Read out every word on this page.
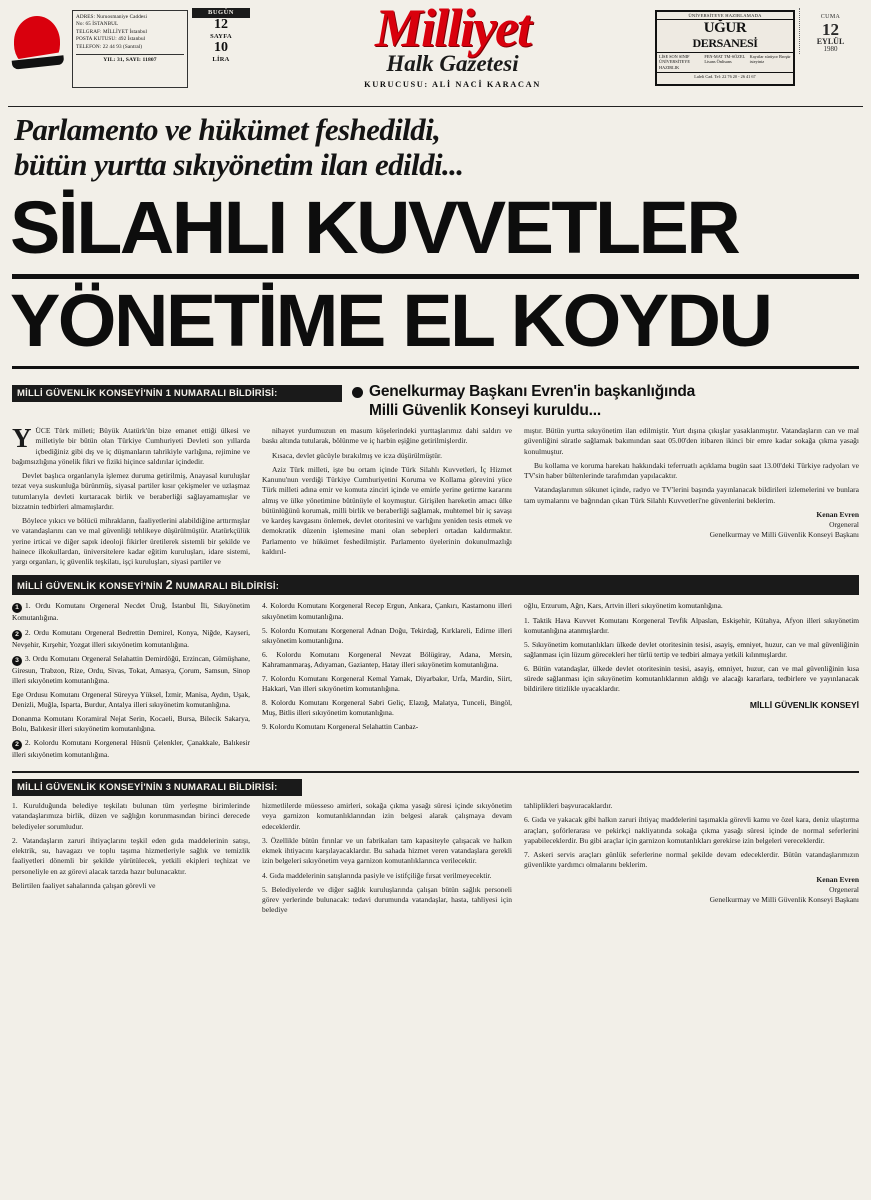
ADRES: Nuruosmaniye Caddesi
No: 65 İSTANBUL
TELGRAF: MİLLİYET İstanbul
POSTA KUTUSU: 492 İstanbul
TELEFON: 22 44 93 (Santral)
YIL: 31, SAYI: 11807
BUGÜN
12
SAYFA
10
LİRA
Milliyet
Halk Gazetesi
KURUCUSU: ALİ NACİ KARACAN
ÜNİVERSİTEYE HAZIRLAMADA
UĞUR
DERSANESİ
LİSE SON SINIF ÜNİVERSİTEYE HAZIRLIK
FEN-MAT TM-SÖZEL Lisans Önlisans
Kayıtlar sürüyor Broşür isteyiniz
Laleli Cad. Tel: 22 76 20 - 26 41 67
CUMA
12
EYLÜL
1980
Parlamento ve hükümet feshedildi,
bütün yurtta sıkıyönetim ilan edildi...
SİLAHLI KUVVETLER
YÖNETİME EL KOYDU
MİLLİ GÜVENLİK KONSEYİ'NİN 1 NUMARALI BİLDİRİSİ:	Genelkurmay Başkanı Evren'in başkanlığında
Milli Güvenlik Konseyi kuruldu...

Y ÜCE Türk milleti; Büyük Atatürk'ün bize emanet ettiği ülkesi ve milletiyle bir bütün olan Türkiye Cumhuriyeti Devleti son yıllarda içbediğiniz gibi dış ve iç düşmanların tahrikiyle varlığına, rejimine ve bağımsızlığına yönelik fikri ve fiziki hiçince saldırılar içindedir.

Devlet başlıca organlarıyla işlemez duruma getirilmiş, Anayasal kuruluşlar tezat veya suskunluğa bürünmüş, siyasal partiler kısır çekişmeler ve uzlaşmaz tutumlarıyla devleti kurtaracak birlik ve beraberliği sağlayamamışlar ve bizzatnin tedbirleri almamışlardır.

Böylece yıkıcı ve bölücü mihrakların, faaliyetlerini alabildiğine arttırmışlar ve vatandaşlarını can ve mal güvenliği tehlikeye düşürülmüştür. Atatürkçülük yerine irticai ve diğer sapık ideoloji fikirler üretilerek sistemli bir şekilde ve hainece ilkokullardan, üniversitelere kadar eğitim kuruluşları, idare sistemi, yargı organları, iç güvenlik teşkilatı, işçi kuruluşları, siyasi partiler ve

nihayet yurdumuzun en masum köşelerindeki yurttaşlarımız dahi saldırı ve baskı altında tutularak, bölünme ve iç harbin eşiğine getirilmişlerdir.

Kısaca, devlet gücüyle bırakılmış ve icza düşürülmüştür.

Aziz Türk milleti, işte bu ortam içinde Türk Silahlı Kuvvetleri, İç Hizmet Kanunu'nun verdiği Türkiye Cumhuriyetini Koruma ve Kollama görevini yüce Türk milleti adına emir ve komuta zinciri içinde ve emirle yerine getirme kararını almış ve ülke yönetimine bütünüyle el koymuştur. Girişilen hareketin amacı ülke bütünlüğünü korumak, milli birlik ve beraberliği sağlamak, muhtemel bir iç savaşı ve kardeş kavgasını önlemek, devlet otoritesini ve varlığını yeniden tesis etmek ve demokratik düzenin işlemesine mani olan sebepleri ortadan kaldırmaktır. Parlamento ve hükümet feshedilmiştir. Parlamento üyelerinin dokunulmazlığı kaldırıl-

mıştır. Bütün yurtta sıkıyönetim ilan edilmiştir. Yurt dışına çıkışlar yasaklanmıştır. Vatandaşların can ve mal güvenliğini süratle sağlamak bakımından saat 05.00'den itibaren ikinci bir emre kadar sokağa çıkma yasağı konulmuştur.

Bu kollama ve koruma harekatı hakkındaki teferruatlı açıklama bugün saat 13.00'deki Türkiye radyoları ve TV'sin haber bültenlerinde tarafımdan yapılacaktır.

Vatandaşlarımın sükunet içinde, radyo ve TV'lerini başında yayınlanacak bildirileri izlemelerini ve bunlara tam uymalarını ve bağrından çıkan Türk Silahlı Kuvvetleri'ne güvenlerini beklerim.

Kenan Evren
Orgeneral
Genelkurmay ve Milli Güvenlik Konseyi Başkanı
MİLLİ GÜVENLİK KONSEYİ'NİN 2 NUMARALI BİLDİRİSİ:
1 1. Ordu Komutanı Orgeneral Necdet Üruğ, İstanbul İli, Sıkıyönetim Komutanlığına.
2 2. Ordu Komutanı Orgeneral Bedrettin Demirel, Konya, Niğde, Kayseri, Nevşehir, Kırşehir, Yozgat illeri sıkıyönetim komutanlığına.
3 3. Ordu Komutanı Orgeneral Selahattin Demirdöğü, Erzincan, Gümüşhane, Giresun, Trabzon, Rize, Ordu, Sivas, Tokat, Amasya, Çorum, Samsun, Sinop illeri sıkıyönetim komutanlığına.
Ege Ordusu Komutanı Orgeneral Süreyya Yüksel, İzmir, Manisa, Aydın, Uşak, Denizli, Muğla, Isparta, Burdur, Antalya illeri sıkıyönetim komutanlığına.
Donanma Komutanı Koramiral Nejat Serin, Kocaeli, Bursa, Bilecik Sakarya, Bolu, Balıkesir illeri sıkıyönetim komutanlığına.
2 2. Kolordu Komutanı Korgeneral Hüsnü Çelenkler, Çanakkale, Balıkesir illeri sıkıyönetim komutanlığına.
4. Kolordu Komutanı Korgeneral Recep Ergun, Ankara, Çankırı, Kastamonu illeri sıkıyönetim komutanlığına.
5. Kolordu Komutanı Korgeneral Adnan Doğu, Tekirdağ, Kırklareli, Edirne illeri sıkıyönetim komutanlığına.
6. Kolordu Komutanı Korgeneral Nevzat Bölügiray, Adana, Mersin, Kahramanmaraş, Adıyaman, Gaziantep, Hatay illeri sıkıyönetim komutanlığına.
7. Kolordu Komutanı Korgeneral Kemal Yamak, Diyarbakır, Urfa, Mardin, Siirt, Hakkari, Van illeri sıkıyönetim komutanlığına.
8. Kolordu Komutanı Korgeneral Sabri Geliç, Elazığ, Malatya, Tunceli, Bingöl, Muş, Bitlis illeri sıkıyönetim komutanlığına.
9. Kolordu Komutanı Korgeneral Selahattin Canbaz-
oğlu, Erzurum, Ağrı, Kars, Artvin illeri sıkıyönetim komutanlığına.
1. Taktik Hava Kuvvet Komutanı Korgeneral Tevfik Alpaslan, Eskişehir, Kütahya, Afyon illeri sıkıyönetim komutanlığına atanmışlardır.
5. Sıkıyönetim komutanlıkları ülkede devlet otoritesinin tesisi, asayiş, emniyet, huzur, can ve mal güvenliğinin sağlanması için lüzum görecekleri her türlü tertip ve tedbiri almaya yetkili kılınmışlardır.
6. Bütün vatandaşlar, ülkede devlet otoritesinin tesisi, asayiş, emniyet, huzur, can ve mal güvenliğinin kısa sürede sağlanması için sıkıyönetim komutanlıklarının aldığı ve alacağı kararlara, tedbirlere ve yayınlanacak bildirilere titizlikle uyacaklardır.
MİLLİ GÜVENLİK KONSEYİ
MİLLİ GÜVENLİK KONSEYİ'NİN 3 NUMARALI BİLDİRİSİ:

1. Kurulduğunda belediye teşkilatı bulunan tüm yerleşme birimlerinde vatandaşlarımıza birlik, düzen ve sağlığın korunmasından birinci derecede belediyeler sorumludur.

2. Vatandaşların zaruri ihtiyaçlarını teşkil eden gıda maddelerinin satışı, elektrik, su, havagazı ve toplu taşıma hizmetleriyle sağlık ve temizlik faaliyetleri dönemli bir şekilde yürütülecek, yetkili ekipleri teçhizat ve personeliyle en az görevi alacak tarzda hazır bulunacaktır.

Belirtilen faaliyet sahalarında çalışan görevli ve

hizmetlilerde müesseso amirleri, sokağa çıkma yasağı süresi içinde sıkıyönetim veya garnizon komutanlıklarından izin belgesi alarak çalışmaya devam edeceklerdir.

3. Özellikle bütün fırınlar ve un fabrikaları tam kapasiteyle çalışacak ve halkın ekmek ihtiyacını karşılayacaklardır. Bu sahada hizmet veren vatandaşlara gerekli izin belgeleri sıkıyönetim veya garnizon komutanlıklarınca verilecektir.

4. Gıda maddelerinin satışlarında pasiyle ve istifçiliğe fırsat verilmeyecektir.

5. Belediyelerde ve diğer sağlık kuruluşlarında çalışan bütün sağlık personeli görev yerlerinde bulunacak: tedavi durumunda vatandaşlar, hasta, tahliyesi için belediye

tahliplikleri başvuracaklardır.

6. Gıda ve yakacak gibi halkın zaruri ihtiyaç maddelerini taşımakla görevli kamu ve özel kara, deniz ulaştırma araçları, şoförlerarası ve pekirkçi nakliyatında sokağa çıkma yasağı süresi içinde de normal seferlerini yapabileceklerdir. Bu gibi araçlar için garnizon komutanlıkları gerekirse izin belgeleri vereceklerdir.

7. Askeri servis araçları günlük seferlerine normal şekilde devam edeceklerdir. Bütün vatandaşlarımızın güvenlikte yardımcı olmalarını beklerim.

Kenan Evren
Orgeneral
Genelkurmay ve Milli Güvenlik Konseyi Başkanı
